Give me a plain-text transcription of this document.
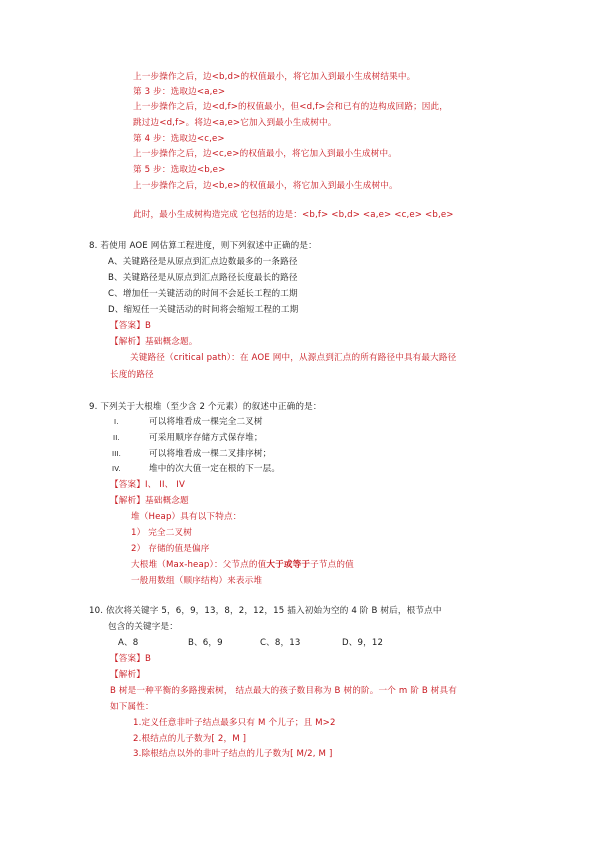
上一步操作之后，边<b,d>的权值最小，将它加入到最小生成树结果中。
第 3 步：选取边<a,e>
上一步操作之后，边<d,f>的权值最小，但<d,f>会和已有的边构成回路；因此，
跳过边<d,f>。将边<a,e>它加入到最小生成树中。
第 4 步：选取边<c,e>
上一步操作之后，边<c,e>的权值最小，将它加入到最小生成树中。
第 5 步：选取边<b,e>
上一步操作之后，边<b,e>的权值最小，将它加入到最小生成树中。
此时，最小生成树构造完成 它包括的边是：<b,f> <b,d> <a,e> <c,e> <b,e>
8. 若使用 AOE 网估算工程进度，则下列叙述中正确的是：
A、关键路径是从原点到汇点边数最多的一条路径
B、关键路径是从原点到汇点路径长度最长的路径
C、增加任一关键活动的时间不会延长工程的工期
D、缩短任一关键活动的时间将会缩短工程的工期
【答案】B
【解析】基础概念题。
关键路径（critical path）：在 AOE 网中，从源点到汇点的所有路径中具有最大路径
长度的路径
9. 下列关于大根堆（至少含 2 个元素）的叙述中正确的是：
I.	可以将堆看成一棵完全二叉树
II.	可采用顺序存储方式保存堆；
III.	可以将堆看成一棵二叉排序树；
IV.	堆中的次大值一定在根的下一层。
【答案】I、 II、 IV
【解析】基础概念题
堆（Heap）具有以下特点：
1） 完全二叉树
2） 存储的值是偏序
大根堆（Max-heap）：父节点的值大于或等于子节点的值
一般用数组（顺序结构）来表示堆
10. 依次将关键字 5，6，9，13，8，2，12，15 插入初始为空的 4 阶 B 树后，根节点中
包含的关键字是：
A、8	B、6，9	C、8，13	D、9，12
【答案】B
【解析】
B 树是一种平衡的多路搜索树， 结点最大的孩子数目称为 B 树的阶。一个 m 阶 B 树具有
如下属性：
1.定义任意非叶子结点最多只有 M 个儿子；且 M>2
2.根结点的儿子数为[ 2，M ]
3.除根结点以外的非叶子结点的儿子数为[ M/2, M ]
